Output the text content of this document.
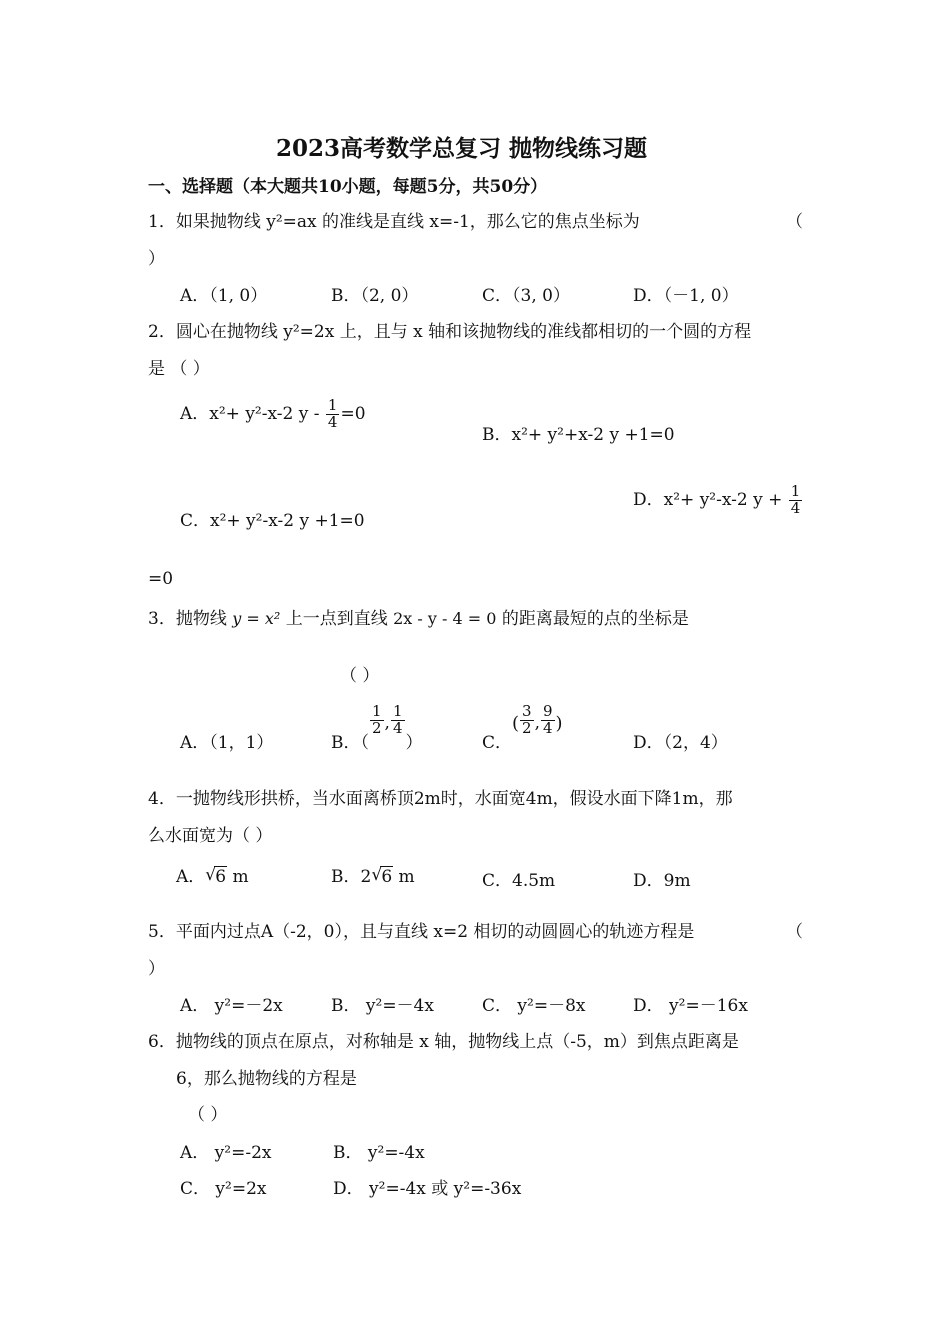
2023高考数学总复习 抛物线练习题
一、选择题（本大题共10小题，每题5分，共50分）
1．如果抛物线 y²=ax 的准线是直线 x=-1，那么它的焦点坐标为	（
）
A．（1, 0）	B．（2, 0）	C．（3, 0）	D．（－1, 0）
2．圆心在抛物线 y²=2x 上，且与 x 轴和该抛物线的准线都相切的一个圆的方程
是 （ ）
A．x²+ y²-x-2 $y - \frac{1}{4} =0$
B．x²+ y²+x-2 y +1=0
C．x²+ y²-x-2 y +1=0
D．x²+ y²-x-2 $y + \frac{1}{4}$
=0
3．抛物线 y = x² 上一点到直线 2x - y - 4 = 0 的距离最短的点的坐标是
（ ）
A．（1，1）	B．（
$\frac{1}{2}$ , $\frac{1}{4}$
）	C．( $\frac{3}{2}$ , $\frac{9}{4}$ )
D．（2，4）
4．一抛物线形拱桥，当水面离桥顶2m时，水面宽4m，假设水面下降1m，那
么水面宽为（ ）
A． √ 6 m	B．2 √ 6 m	C．4.5m	D．9m
5．平面内过点A（-2，0），且与直线 x=2 相切的动圆圆心的轨迹方程是	（
）
A． y²=－2x	B． y²=－4x	C． y²=－8x	D． y²=－16x
6．抛物线的顶点在原点，对称轴是 x 轴，抛物线上点（-5，m）到焦点距离是
6，那么抛物线的方程是
（ ）
A． y²=-2x	B． y²=-4x
C． y²=2x	D． y²=-4x 或 y²=-36x
